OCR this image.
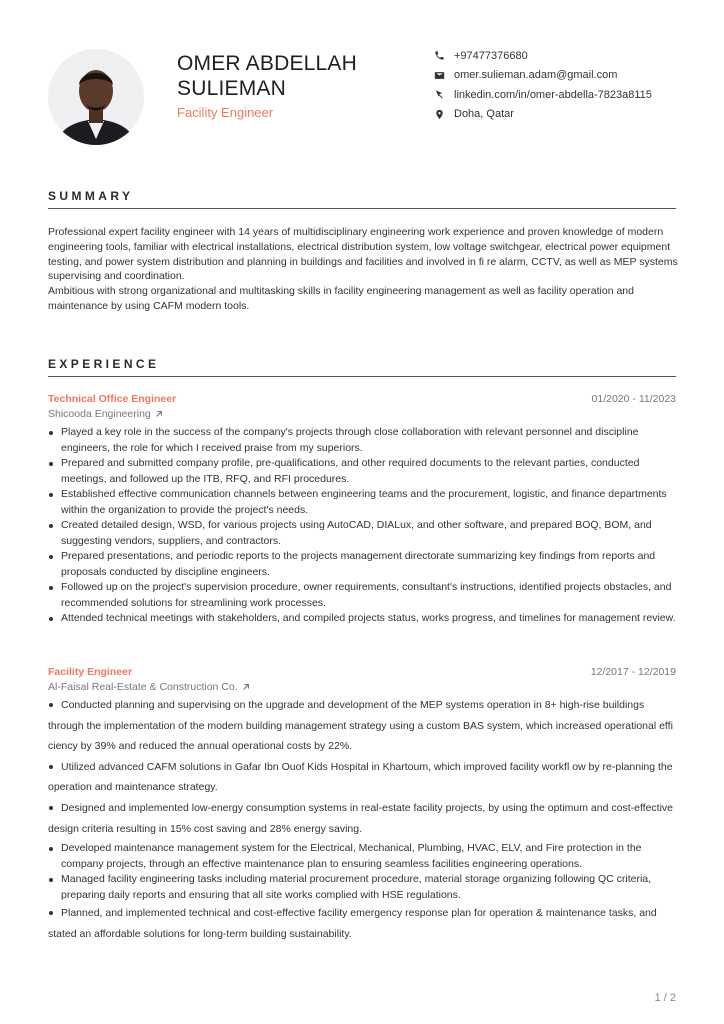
OMER ABDELLAH
SULIEMAN
Facility Engineer
+97477376680
omer.sulieman.adam@gmail.com
linkedin.com/in/omer-abdella-7823a8115
Doha, Qatar
SUMMARY

Professional expert facility engineer with 14 years of multidisciplinary engineering work experience and proven knowledge of modern engineering tools, familiar with electrical installations, electrical distribution system, low voltage switchgear, electrical power equipment testing, and power system distribution and planning in buildings and facilities and involved in fi re alarm, CCTV, as well as MEP systems supervising and coordination.

Ambitious with strong organizational and multitasking skills in facility engineering management as well as facility operation and maintenance by using CAFM modern tools.

EXPERIENCE
Technical Office Engineer	01/2020 - 11/2023
Shicooda Engineering
Played a key role in the success of the company's projects through close collaboration with relevant personnel and discipline engineers, the role for which I received praise from my superiors.
Prepared and submitted company profile, pre-qualifications, and other required documents to the relevant parties, conducted meetings, and followed up the ITB, RFQ, and RFI procedures.
Established effective communication channels between engineering teams and the procurement, logistic, and finance departments within the organization to provide the project's needs.
Created detailed design, WSD, for various projects using AutoCAD, DIALux, and other software, and prepared BOQ, BOM, and suggesting vendors, suppliers, and contractors.
Prepared presentations, and periodic reports to the projects management directorate summarizing key findings from reports and proposals conducted by discipline engineers.
Followed up on the project's supervision procedure, owner requirements, consultant's instructions, identified projects obstacles, and recommended solutions for streamlining work processes.
Attended technical meetings with stakeholders, and compiled projects status, works progress, and timelines for management review.
Facility Engineer	12/2017 - 12/2019
Al-Faisal Real-Estate & Construction Co.
Conducted planning and supervising on the upgrade and development of the MEP systems operation in 8+ high-rise buildings through the implementation of the modern building management strategy using a custom BAS system, which increased operational effi ciency by 39% and reduced the annual operational costs by 22%.
Utilized advanced CAFM solutions in Gafar Ibn Ouof Kids Hospital in Khartoum, which improved facility workfl ow by re-planning the operation and maintenance strategy.
Designed and implemented low-energy consumption systems in real-estate facility projects, by using the optimum and cost-effective design criteria resulting in 15% cost saving and 28% energy saving.
Developed maintenance management system for the Electrical, Mechanical, Plumbing, HVAC, ELV, and Fire protection in the company projects, through an effective maintenance plan to ensuring seamless facilities engineering operations.
Managed facility engineering tasks including material procurement procedure, material storage organizing following QC criteria, preparing daily reports and ensuring that all site works complied with HSE regulations.
Planned, and implemented technical and cost-effective facility emergency response plan for operation & maintenance tasks, and stated an affordable solutions for long-term building sustainability.
1 / 2
